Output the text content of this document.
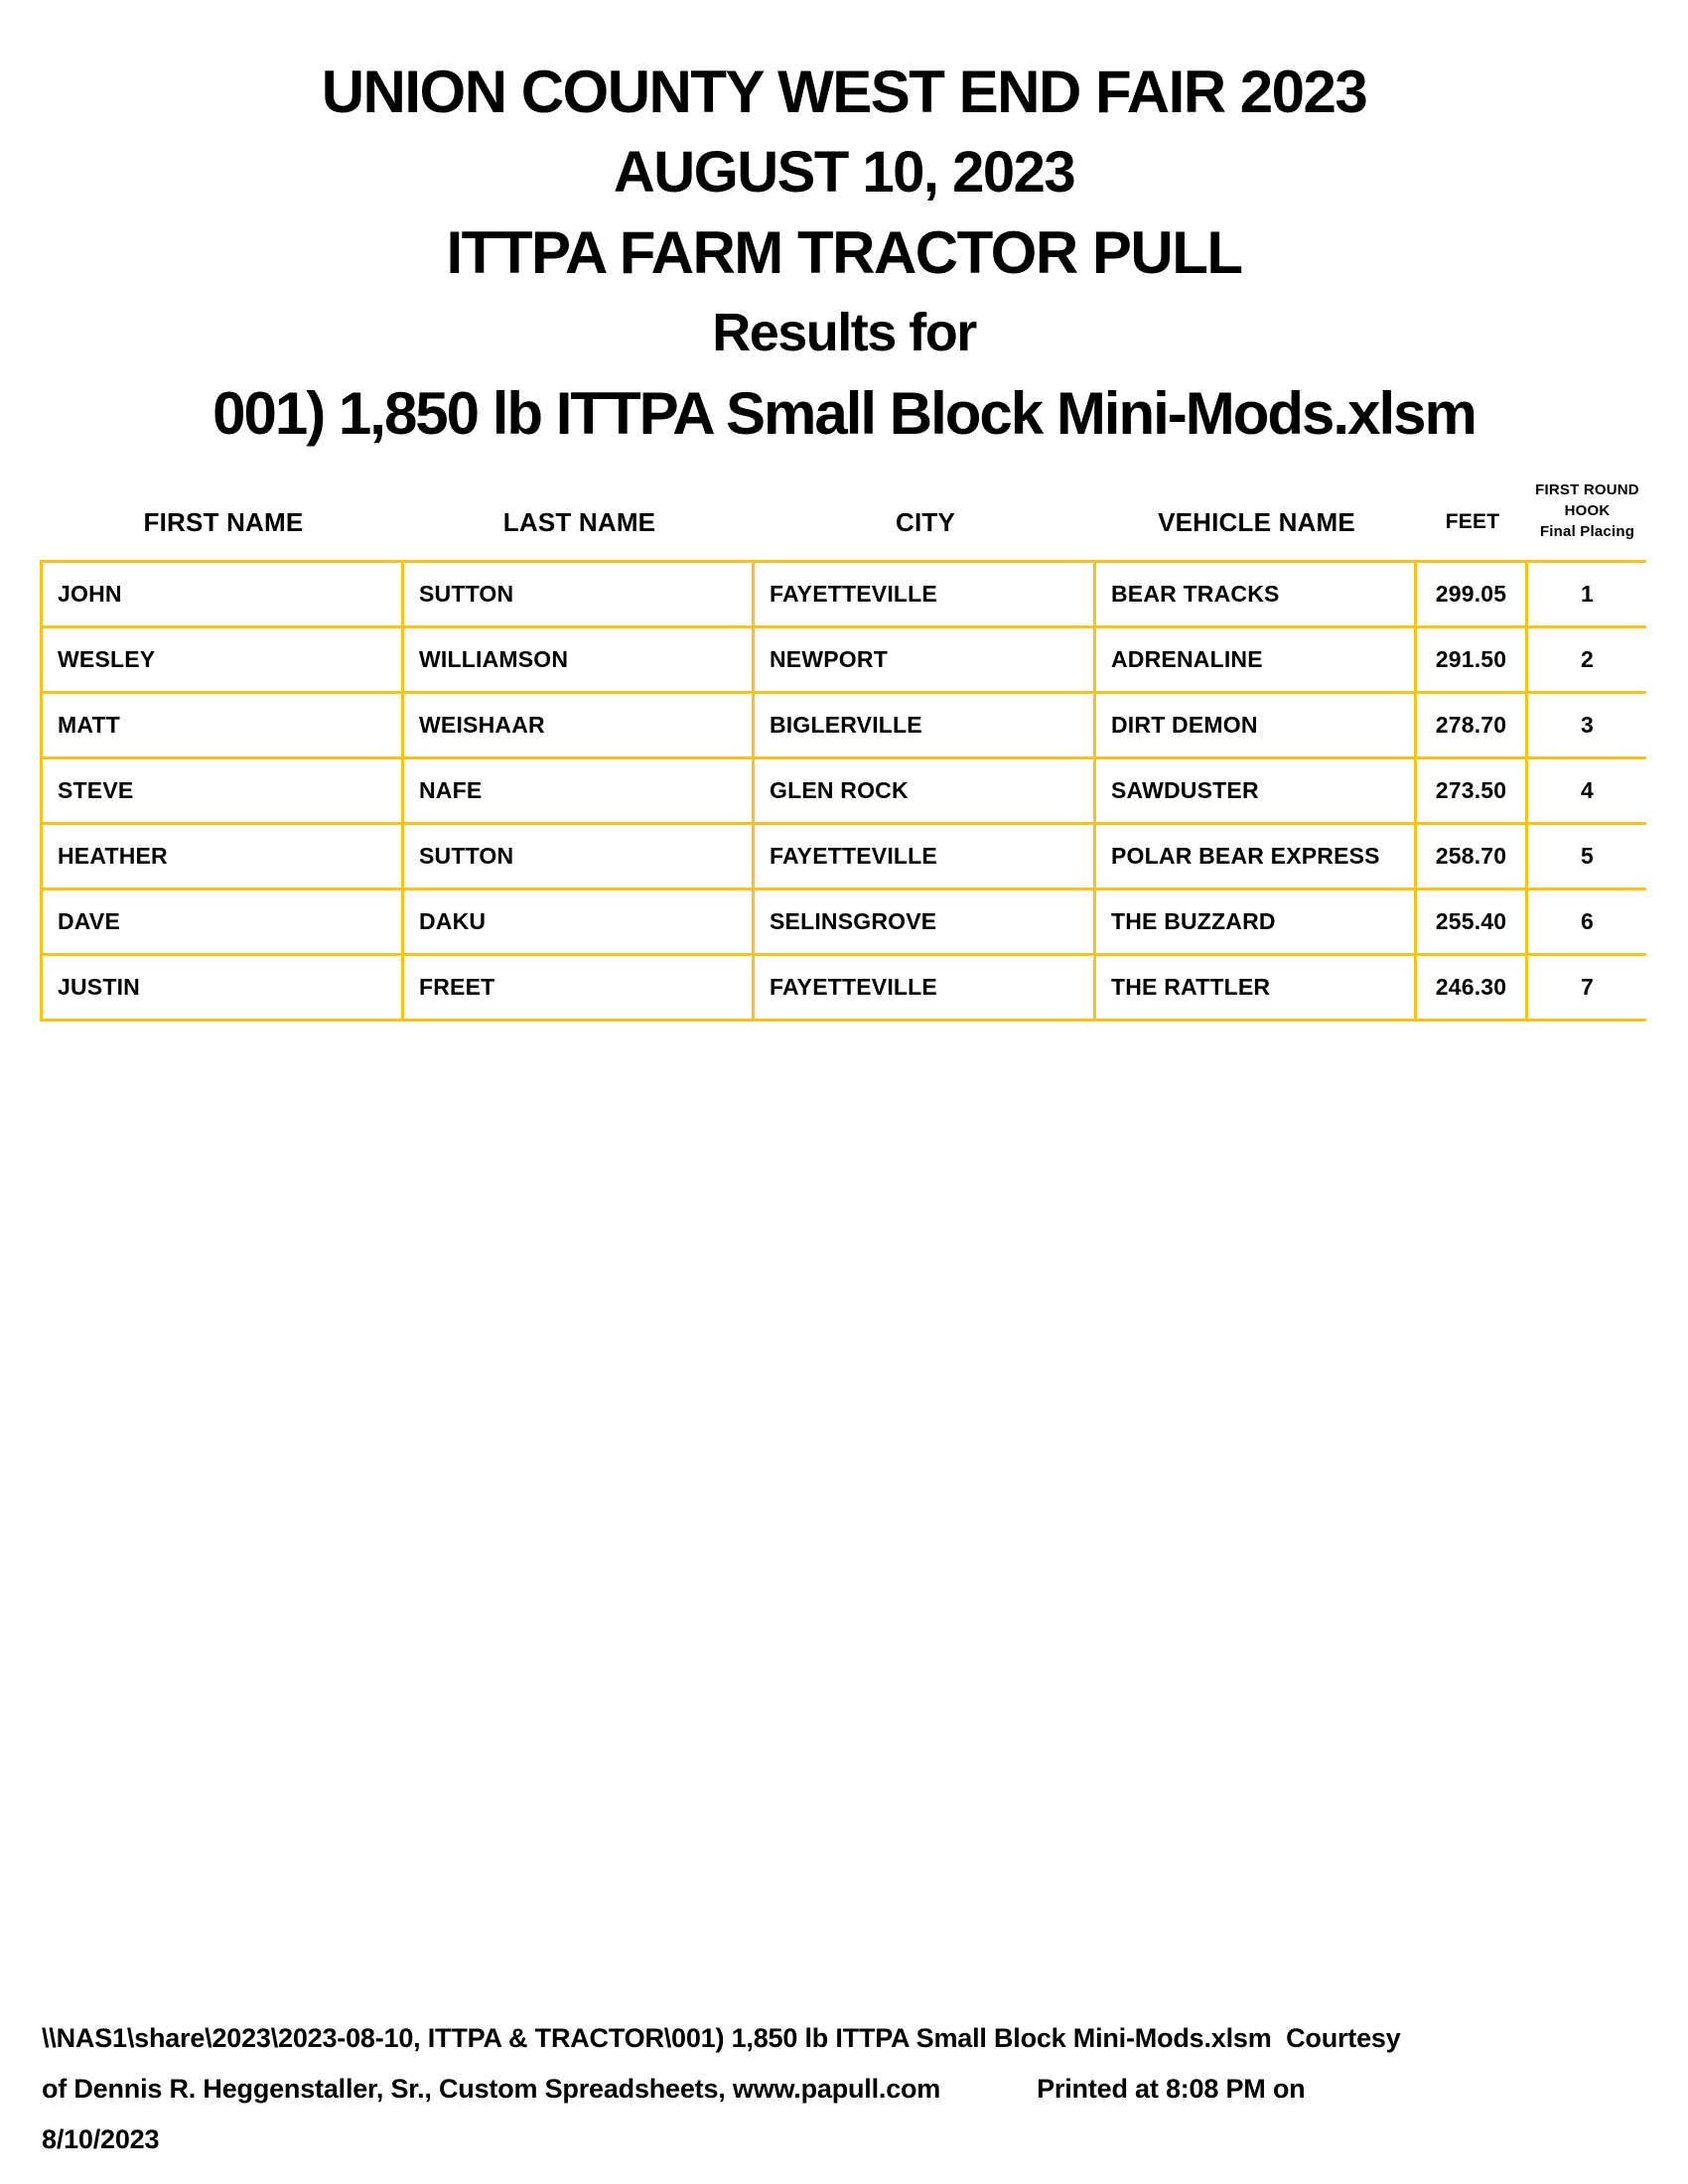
UNION COUNTY WEST END FAIR 2023
AUGUST 10, 2023
ITTPA FARM TRACTOR PULL
Results for
001) 1,850 lb ITTPA Small Block Mini-Mods.xlsm
FIRST NAME	LAST NAME	CITY	VEHICLE NAME	FEET
FIRST ROUND
HOOK
Final Placing
JOHN	SUTTON	FAYETTEVILLE	BEAR TRACKS	299.05	1
WESLEY	WILLIAMSON	NEWPORT	ADRENALINE	291.50	2
MATT	WEISHAAR	BIGLERVILLE	DIRT DEMON	278.70	3
STEVE	NAFE	GLEN ROCK	SAWDUSTER	273.50	4
HEATHER	SUTTON	FAYETTEVILLE	POLAR BEAR EXPRESS	258.70	5
DAVE	DAKU	SELINSGROVE	THE BUZZARD	255.40	6
JUSTIN	FREET	FAYETTEVILLE	THE RATTLER	246.30	7
\\NAS1\share\2023\2023-08-10, ITTPA & TRACTOR\001) 1,850 lb ITTPA Small Block Mini-Mods.xlsm  Courtesy
of Dennis R. Heggenstaller, Sr., Custom Spreadsheets, www.papull.com	Printed at 8:08 PM on
8/10/2023
